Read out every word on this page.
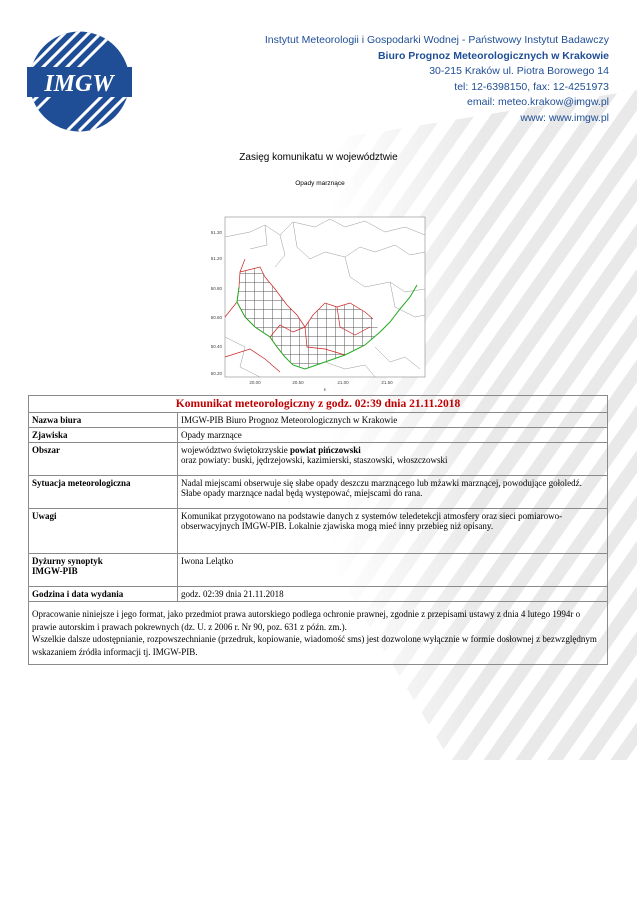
IMGW
Instytut Meteorologii i Gospodarki Wodnej - Państwowy Instytut Badawczy
Biuro Prognoz Meteorologicznych w Krakowie
30-215 Kraków ul. Piotra Borowego 14
tel: 12-6398150, fax: 12-4251973
email: meteo.krakow@imgw.pl
www: www.imgw.pl
Zasięg komunikatu w województwie
Opady marznące
51.30
51.20
50.80
50.60
50.40
50.20
20.00	20.50	21.00	21.50
E
Komunikat meteorologiczny z godz. 02:39 dnia 21.11.2018	
Nazwa biura	IMGW-PIB Biuro Prognoz Meteorologicznych w Krakowie
Zjawiska	Opady marznące
Obszar	województwo świętokrzyskie powiat pińczowski
oraz powiaty: buski, jędrzejowski, kazimierski, staszowski, włoszczowski
Sytuacja meteorologiczna	Nadal miejscami obserwuje się słabe opady deszczu marznącego lub mżawki marznącej, powodujące gołoledź. Słabe opady marznące nadal będą występować, miejscami do rana.
Uwagi	Komunikat przygotowano na podstawie danych z systemów teledetekcji atmosfery oraz sieci pomiarowo-obserwacyjnych IMGW-PIB. Lokalnie zjawiska mogą mieć inny przebieg niż opisany.
Dyżurny synoptyk
IMGW-PIB	Iwona Lelątko
Godzina i data wydania	godz. 02:39 dnia 21.11.2018
Opracowanie niniejsze i jego format, jako przedmiot prawa autorskiego podlega ochronie prawnej, zgodnie z przepisami ustawy z dnia 4 lutego 1994r o prawie autorskim i prawach pokrewnych (dz. U. z 2006 r. Nr 90, poz. 631 z późn. zm.).
Wszelkie dalsze udostępnianie, rozpowszechnianie (przedruk, kopiowanie, wiadomość sms) jest dozwolone wyłącznie w formie dosłownej z bezwzględnym wskazaniem źródła informacji tj. IMGW-PIB.	
